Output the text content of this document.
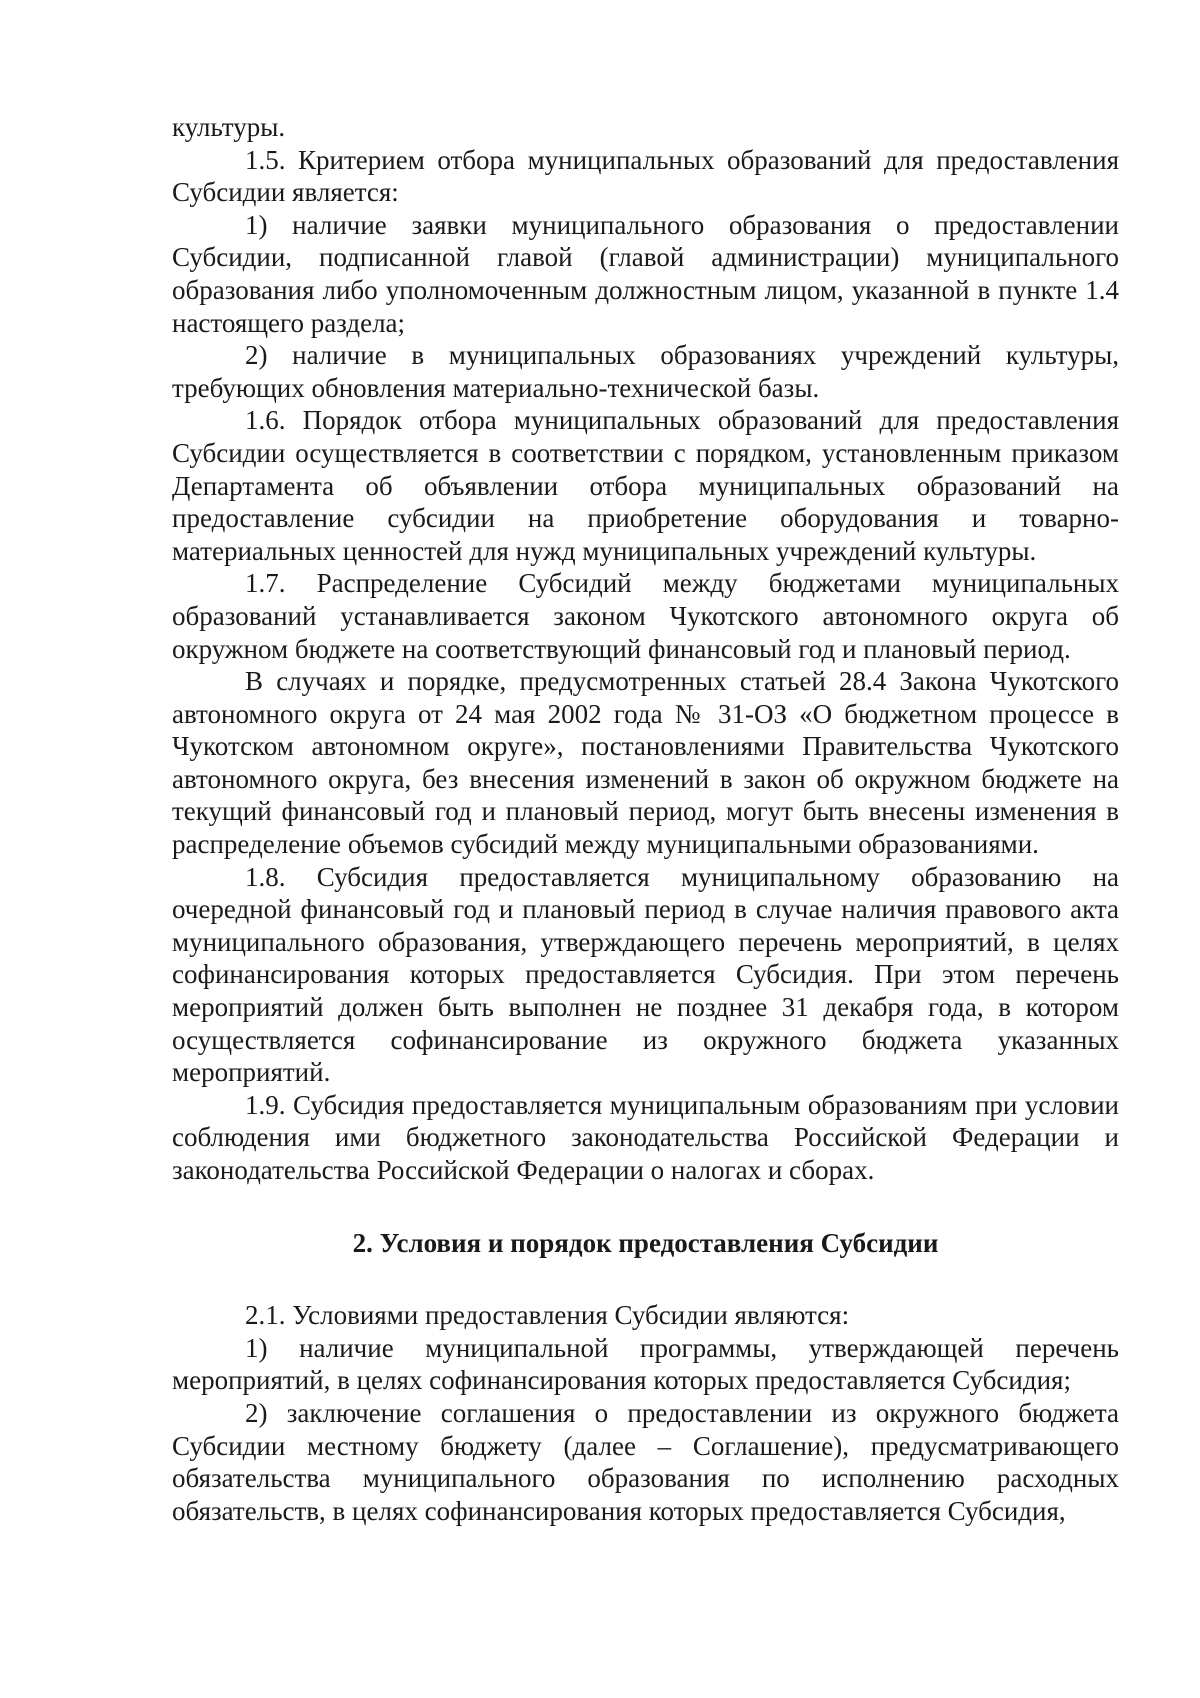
культуры.

1.5. Критерием отбора муниципальных образований для предоставления Субсидии является:

1) наличие заявки муниципального образования о предоставлении Субсидии, подписанной главой (главой администрации) муниципального образования либо уполномоченным должностным лицом, указанной в пункте 1.4 настоящего раздела;

2) наличие в муниципальных образованиях учреждений культуры, требующих обновления материально-технической базы.

1.6. Порядок отбора муниципальных образований для предоставления Субсидии осуществляется в соответствии с порядком, установленным приказом Департамента об объявлении отбора муниципальных образований на предоставление субсидии на приобретение оборудования и товарно-материальных ценностей для нужд муниципальных учреждений культуры.

1.7. Распределение Субсидий между бюджетами муниципальных образований устанавливается законом Чукотского автономного округа об окружном бюджете на соответствующий финансовый год и плановый период.

В случаях и порядке, предусмотренных статьей 28.4 Закона Чукотского автономного округа от 24 мая 2002 года № 31-ОЗ «О бюджетном процессе в Чукотском автономном округе», постановлениями Правительства Чукотского автономного округа, без внесения изменений в закон об окружном бюджете на текущий финансовый год и плановый период, могут быть внесены изменения в распределение объемов субсидий между муниципальными образованиями.

1.8. Субсидия предоставляется муниципальному образованию на очередной финансовый год и плановый период в случае наличия правового акта муниципального образования, утверждающего перечень мероприятий, в целях софинансирования которых предоставляется Субсидия. При этом перечень мероприятий должен быть выполнен не позднее 31 декабря года, в котором осуществляется софинансирование из окружного бюджета указанных мероприятий.

1.9. Субсидия предоставляется муниципальным образованиям при условии соблюдения ими бюджетного законодательства Российской Федерации и законодательства Российской Федерации о налогах и сборах.

2. Условия и порядок предоставления Субсидии

2.1. Условиями предоставления Субсидии являются:

1) наличие муниципальной программы, утверждающей перечень мероприятий, в целях софинансирования которых предоставляется Субсидия;

2) заключение соглашения о предоставлении из окружного бюджета Субсидии местному бюджету (далее – Соглашение), предусматривающего обязательства муниципального образования по исполнению расходных обязательств, в целях софинансирования которых предоставляется Субсидия,
